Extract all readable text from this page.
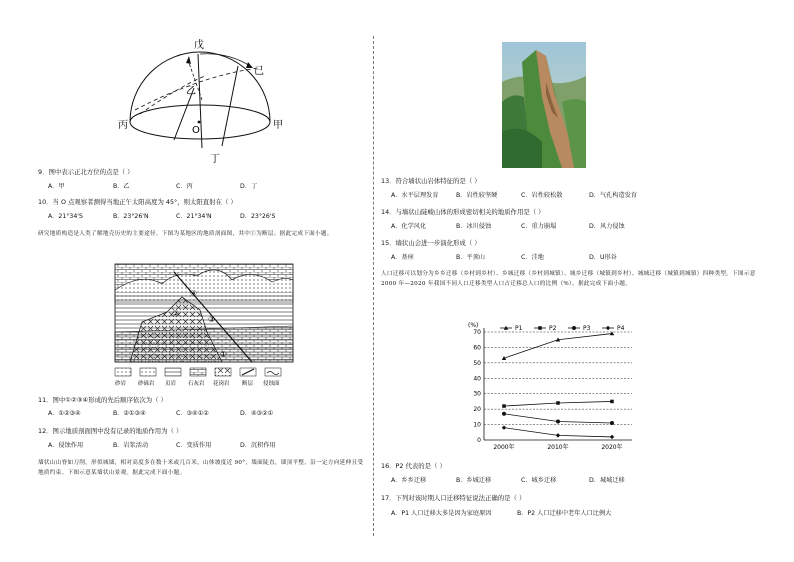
戊
己
丙	甲
乙
O
丁
9．图中表示正北方位的点是（ ）
A．甲	B．乙	C．丙	D．丁
10．当 O 点观察者测得当地正午太阳高度为 45°，则太阳直射在（ ）
A．21°34'S	B．23°26'N	C．21°34'N	D．23°26'S
研究地质构造是人类了解地壳历史的主要途径。下图为某地区的地质剖面图，其中①为断层。据此完成下面小题。
①
②
③
④
砂岩 砂砾岩 页岩 石灰岩 花岗岩 断层 侵蚀面
11．图中①②③④形成的先后顺序依次为（ ）
A．①②③④	B．②①③④	C．③④①②	D．④③②①
12．图示地质剖面图中没有记录的地质作用为（ ）
A．侵蚀作用	B．岩浆活动	C．变质作用	D．沉积作用
墙状山山脊如刀削，形似城墙，相对高度多在数十米或几百米，山体坡度近 90°，墙面陡直，墙顶平整，沿一定方向延伸且受地质约束。下图示意某墙状山景观。据此完成下面小题。
13．符合墙状山岩体特征的是（ ）
A．水平层理发育	B．岩性较坚硬	C．岩性较松散	D．气孔构造发育
14．与墙状山陡峻山体的形成密切相关的地质作用是（ ）
A．化学风化	B．冰川侵蚀	C．重力崩塌	D．风力侵蚀
15．墙状山会进一步演化形成（ ）
A．基座	B．平顶山	C．洼地	D．U形谷
人口迁移可以划分为乡乡迁移（乡村到乡村）、乡城迁移（乡村到城镇）、城乡迁移（城镇到乡村）、城城迁移（城镇到城镇）四种类型。下图示意 2000 年—2020 年我国不同人口迁移类型人口占迁移总人口的比例（%）。据此完成下面小题。
(%)	P1	P2	P3	P4
0
10
20
30
40
50
60
70
2000年	2010年	2020年
16．P2 代表的是（ ）
A．乡乡迁移	B．乡城迁移	C．城乡迁移	D．城城迁移
17．下列对该时期人口迁移特征说法正确的是（ ）
A．P1 人口迁移大多是因为家庭原因	B．P2 人口迁移中老年人口比例大
